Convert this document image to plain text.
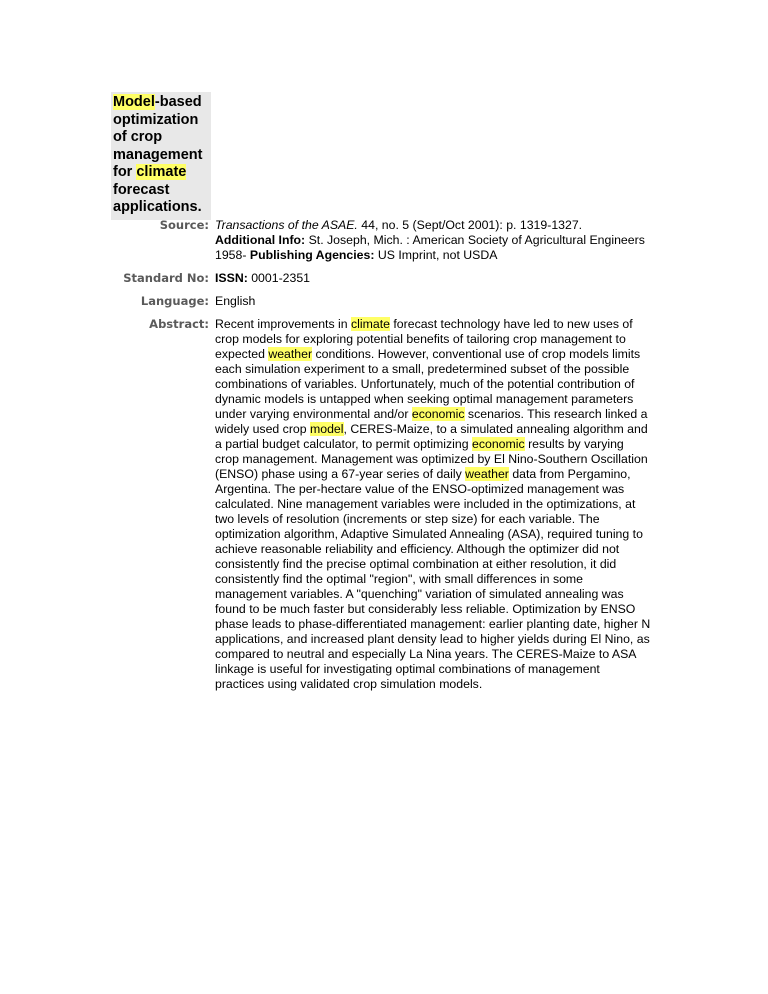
Model-based optimization of crop management for climate forecast applications.
Source:	Transactions of the ASAE. 44, no. 5 (Sept/Oct 2001): p. 1319-1327.
Additional Info: St. Joseph, Mich. : American Society of Agricultural Engineers 1958- Publishing Agencies: US Imprint, not USDA
Standard No:	ISSN: 0001-2351
Language:	English
Abstract:	Recent improvements in climate forecast technology have led to new uses of crop models for exploring potential benefits of tailoring crop management to expected weather conditions. However, conventional use of crop models limits each simulation experiment to a small, predetermined subset of the possible combinations of variables. Unfortunately, much of the potential contribution of dynamic models is untapped when seeking optimal management parameters under varying environmental and/or economic scenarios. This research linked a widely used crop model, CERES-Maize, to a simulated annealing algorithm and a partial budget calculator, to permit optimizing economic results by varying crop management. Management was optimized by El Nino-Southern Oscillation (ENSO) phase using a 67-year series of daily weather data from Pergamino, Argentina. The per-hectare value of the ENSO-optimized management was calculated. Nine management variables were included in the optimizations, at two levels of resolution (increments or step size) for each variable. The optimization algorithm, Adaptive Simulated Annealing (ASA), required tuning to achieve reasonable reliability and efficiency. Although the optimizer did not consistently find the precise optimal combination at either resolution, it did consistently find the optimal "region", with small differences in some management variables. A "quenching" variation of simulated annealing was found to be much faster but considerably less reliable. Optimization by ENSO phase leads to phase-differentiated management: earlier planting date, higher N applications, and increased plant density lead to higher yields during El Nino, as compared to neutral and especially La Nina years. The CERES-Maize to ASA linkage is useful for investigating optimal combinations of management practices using validated crop simulation models.
